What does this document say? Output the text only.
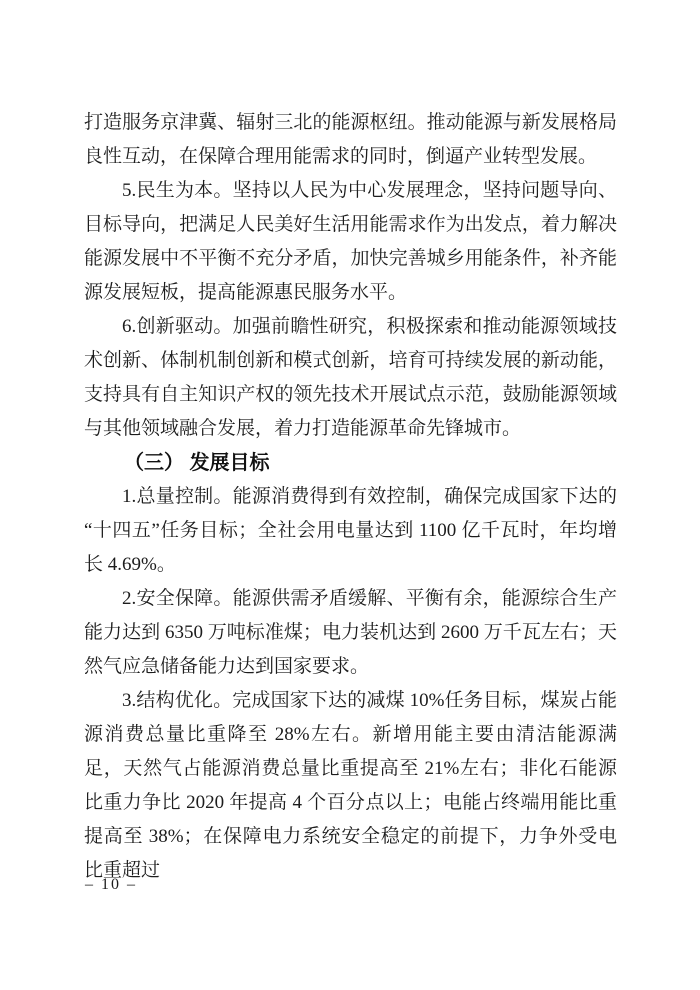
打造服务京津冀、辐射三北的能源枢纽。推动能源与新发展格局良性互动，在保障合理用能需求的同时，倒逼产业转型发展。

5.民生为本。坚持以人民为中心发展理念，坚持问题导向、目标导向，把满足人民美好生活用能需求作为出发点，着力解决能源发展中不平衡不充分矛盾，加快完善城乡用能条件，补齐能源发展短板，提高能源惠民服务水平。

6.创新驱动。加强前瞻性研究，积极探索和推动能源领域技术创新、体制机制创新和模式创新，培育可持续发展的新动能，支持具有自主知识产权的领先技术开展试点示范，鼓励能源领域与其他领域融合发展，着力打造能源革命先锋城市。

（三） 发展目标

1.总量控制。能源消费得到有效控制，确保完成国家下达的“十四五”任务目标；全社会用电量达到 1100 亿千瓦时，年均增长 4.69%。

2.安全保障。能源供需矛盾缓解、平衡有余，能源综合生产能力达到 6350 万吨标准煤；电力装机达到 2600 万千瓦左右；天然气应急储备能力达到国家要求。

3.结构优化。完成国家下达的减煤 10%任务目标，煤炭占能源消费总量比重降至 28%左右。新增用能主要由清洁能源满足，天然气占能源消费总量比重提高至 21%左右；非化石能源比重力争比 2020 年提高 4 个百分点以上；电能占终端用能比重提高至 38%；在保障电力系统安全稳定的前提下，力争外受电比重超过

– 10 –
